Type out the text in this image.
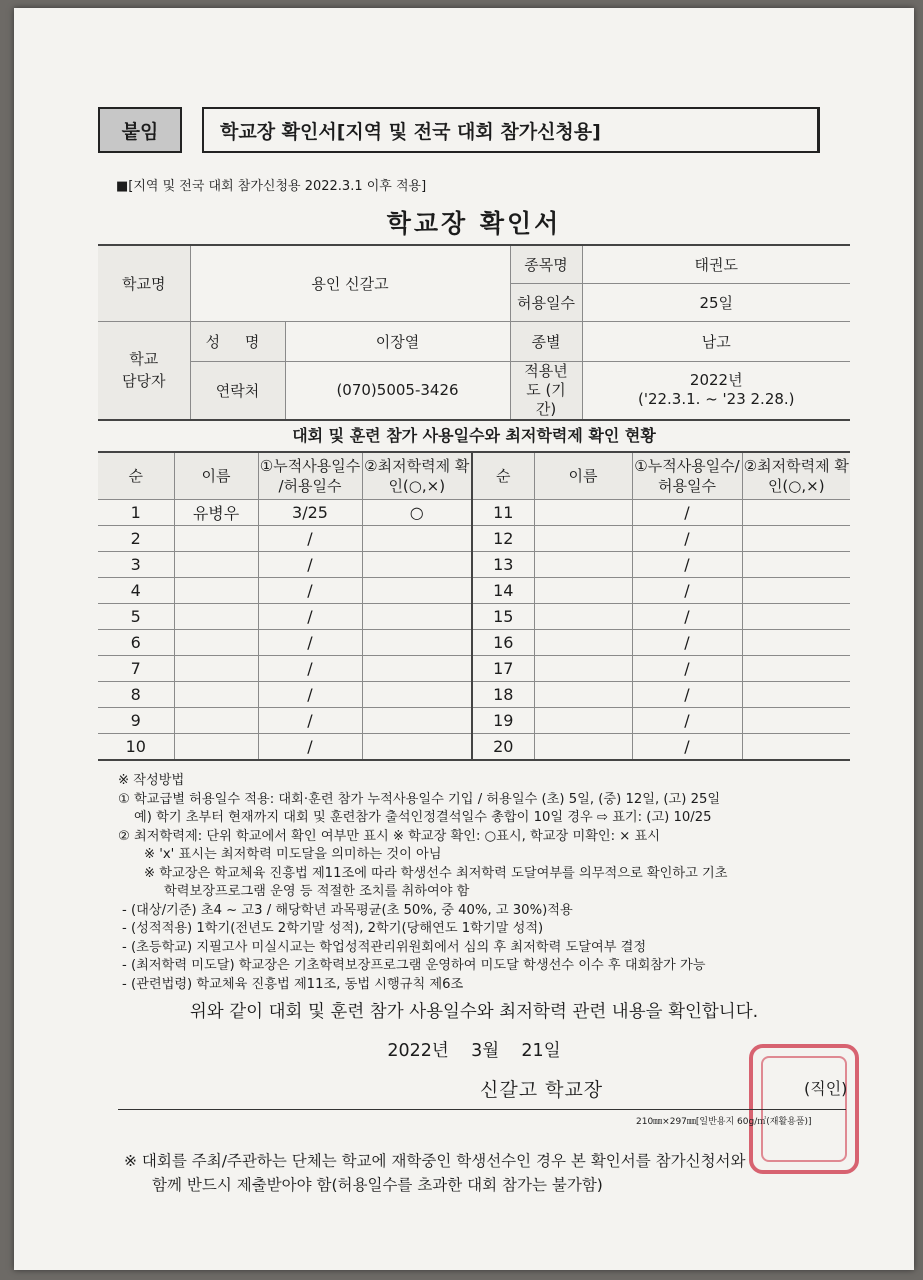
붙임	학교장 확인서[지역 및 전국 대회 참가신청용]
■[지역 및 전국 대회 참가신청용 2022.3.1 이후 적용]
학교장 확인서
학교명	용인 신갈고		종목명	태권도
			허용일수	25일
학교 담당자	성 명	이장열	종별	남고
	연락처	(070)5005-3426	적용년도 (기간)	2022년
('22.3.1. ~ '23 2.28.)
대회 및 훈련 참가 사용일수와 최저학력제 확인 현황
순	이름	①누적사용일수 /허용일수	②최저학력제 확인(○,×)	순	이름	①누적사용일수/ 허용일수	②최저학력제 확인(○,×)
1	유병우	3/25	○	11		/	
2		/		12		/	
3		/		13		/	
4		/		14		/	
5		/		15		/	
6		/		16		/	
7		/		17		/	
8		/		18		/	
9		/		19		/	
10		/		20		/	
※ 작성방법
① 학교급별 허용일수 적용: 대회·훈련 참가 누적사용일수 기입 / 허용일수 (초) 5일, (중) 12일, (고) 25일
예) 학기 초부터 현재까지 대회 및 훈련참가 출석인정결석일수 총합이 10일 경우 ⇨ 표기: (고) 10/25
② 최저학력제: 단위 학교에서 확인 여부만 표시 ※ 학교장 확인: ○표시, 학교장 미확인: × 표시
※ 'x' 표시는 최저학력 미도달을 의미하는 것이 아님
※ 학교장은 학교체육 진흥법 제11조에 따라 학생선수 최저학력 도달여부를 의무적으로 확인하고 기초
학력보장프로그램 운영 등 적절한 조치를 취하여야 함
- (대상/기준) 초4 ~ 고3 / 해당학년 과목평균(초 50%, 중 40%, 고 30%)적용
- (성적적용) 1학기(전년도 2학기말 성적), 2학기(당해연도 1학기말 성적)
- (초등학교) 지필고사 미실시교는 학업성적관리위원회에서 심의 후 최저학력 도달여부 결정
- (최저학력 미도달) 학교장은 기초학력보장프로그램 운영하여 미도달 학생선수 이수 후 대회참가 가능
- (관련법령) 학교체육 진흥법 제11조, 동법 시행규칙 제6조
위와 같이 대회 및 훈련 참가 사용일수와 최저학력 관련 내용을 확인합니다.
2022년 3월 21일
신갈고 학교장	(직인)
210㎜×297㎜[일반용지 60g/㎡(재활용품)]
※ 대회를 주최/주관하는 단체는 학교에 재학중인 학생선수인 경우 본 확인서를 참가신청서와
함께 반드시 제출받아야 함(허용일수를 초과한 대회 참가는 불가함)
